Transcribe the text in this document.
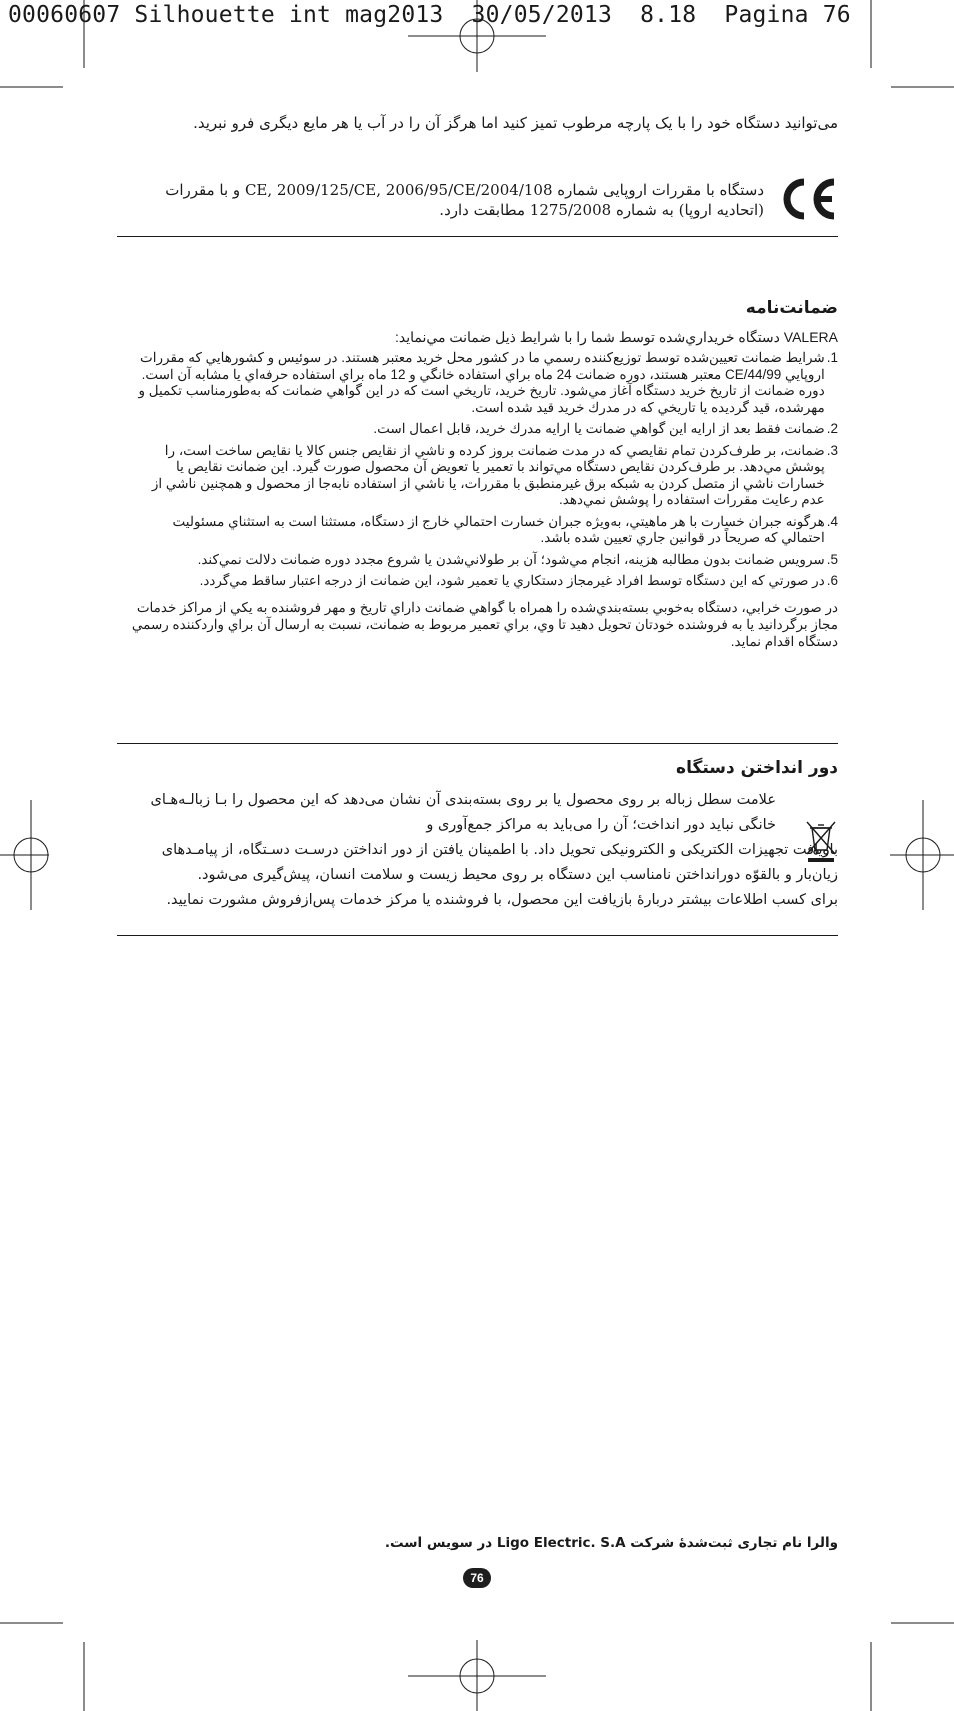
00060607 Silhouette int mag2013  30/05/2013  8.18  Pagina 76
می‌توانید دستگاه خود را با یک پارچه مرطوب تمیز کنید اما هرگز آن را در آب یا هر مایع دیگری فرو نبرید.
دستگاه با مقررات اروپایی شماره 2004/108/CE, 2009/125/CE, 2006/95/CE و با مقررات (اتحادیه اروپا) به شماره 1275/2008 مطابقت دارد.
ضمانت‌نامه
VALERA دستگاه خريداري‌شده توسط شما را با شرايط ذيل ضمانت مي‌نمايد:
1.
شرايط ضمانت تعيين‌شده توسط توزيع‌كننده رسمي ما در كشور محل خريد معتبر هستند. در سوئيس و كشورهايي كه مقررات اروپايي 44/99/CE معتبر هستند، دوره ضمانت 24 ماه براي استفاده خانگي و 12 ماه براي استفاده حرفه‌اي يا مشابه آن است. دوره ضمانت از تاريخ خريد دستگاه آغاز مي‌شود. تاريخ خريد، تاريخي است كه در اين گواهي ضمانت كه به‌طورمناسب تكميل و مهرشده، قيد گرديده يا تاريخي كه در مدرك خريد قيد شده است.
2.
ضمانت فقط بعد از ارايه اين گواهي ضمانت يا ارايه مدرك خريد، قابل اعمال است.
3.
ضمانت، بر طرف‌كردن تمام نقايصي كه در مدت ضمانت بروز كرده و ناشي از نقايص جنس كالا يا نقايص ساخت است، را پوشش مي‌دهد. بر طرف‌كردن نقايص دستگاه مي‌تواند با تعمير يا تعويض آن محصول صورت گيرد. اين ضمانت نقايص يا خسارات ناشي از متصل كردن به شبكه برق غيرمنطبق با مقررات، يا ناشي از استفاده نابه‌جا از محصول و همچنين ناشي از عدم رعايت مقررات استفاده را پوشش نمي‌دهد.
4.
هرگونه جبران خسارت با هر ماهيتي، به‌ويژه جبران خسارت احتمالي خارج از دستگاه، مستثنا است به استثناي مسئوليت احتمالي كه صريحاً در قوانين جاري تعيين شده باشد.
5.
سرويس ضمانت بدون مطالبه هزينه، انجام مي‌شود؛ آن بر طولاني‌شدن يا شروع مجدد دوره ضمانت دلالت نمي‌كند.
6.
در صورتي كه اين دستگاه توسط افراد غيرمجاز دستكاري يا تعمير شود، اين ضمانت از درجه اعتبار ساقط مي‌گردد.
در صورت خرابي، دستگاه به‌خوبي بسته‌بندي‌شده را همراه با گواهي ضمانت داراي تاريخ و مهر فروشنده به يكي از مراكز خدمات مجاز برگردانيد يا به فروشنده خودتان تحويل دهيد تا وي، براي تعمير مربوط به ضمانت، نسبت به ارسال آن براي واردكننده رسمي دستگاه اقدام نمايد.
دور انداختن دستگاه
علامت سطل زباله بر روی محصول یا بر روی بسته‌بندی آن نشان می‌دهد که این محصول را بـا زبالـه‌هـای
خانگی نباید دور انداخت؛ آن را می‌باید به مراکز جمع‌آوری و
بازیافت تجهیزات الکتریکی و الکترونیکی تحویل داد. با اطمینان یافتن از دور انداختن درسـت دسـتگاه، از پیامـدهای
زیان‌بار و بالقوّه دورانداختن نامناسب این دستگاه بر روی محیط زیست و سلامت انسان، پیش‌گیری می‌شود.
برای کسب اطلاعات بیشتر دربارهٔ بازیافت این محصول، با فروشنده یا مرکز خدمات پس‌ازفروش مشورت نمایید.
والرا نام تجاری ثبت‌شدهٔ شرکت Ligo Electric. S.A در سویس است.
76
